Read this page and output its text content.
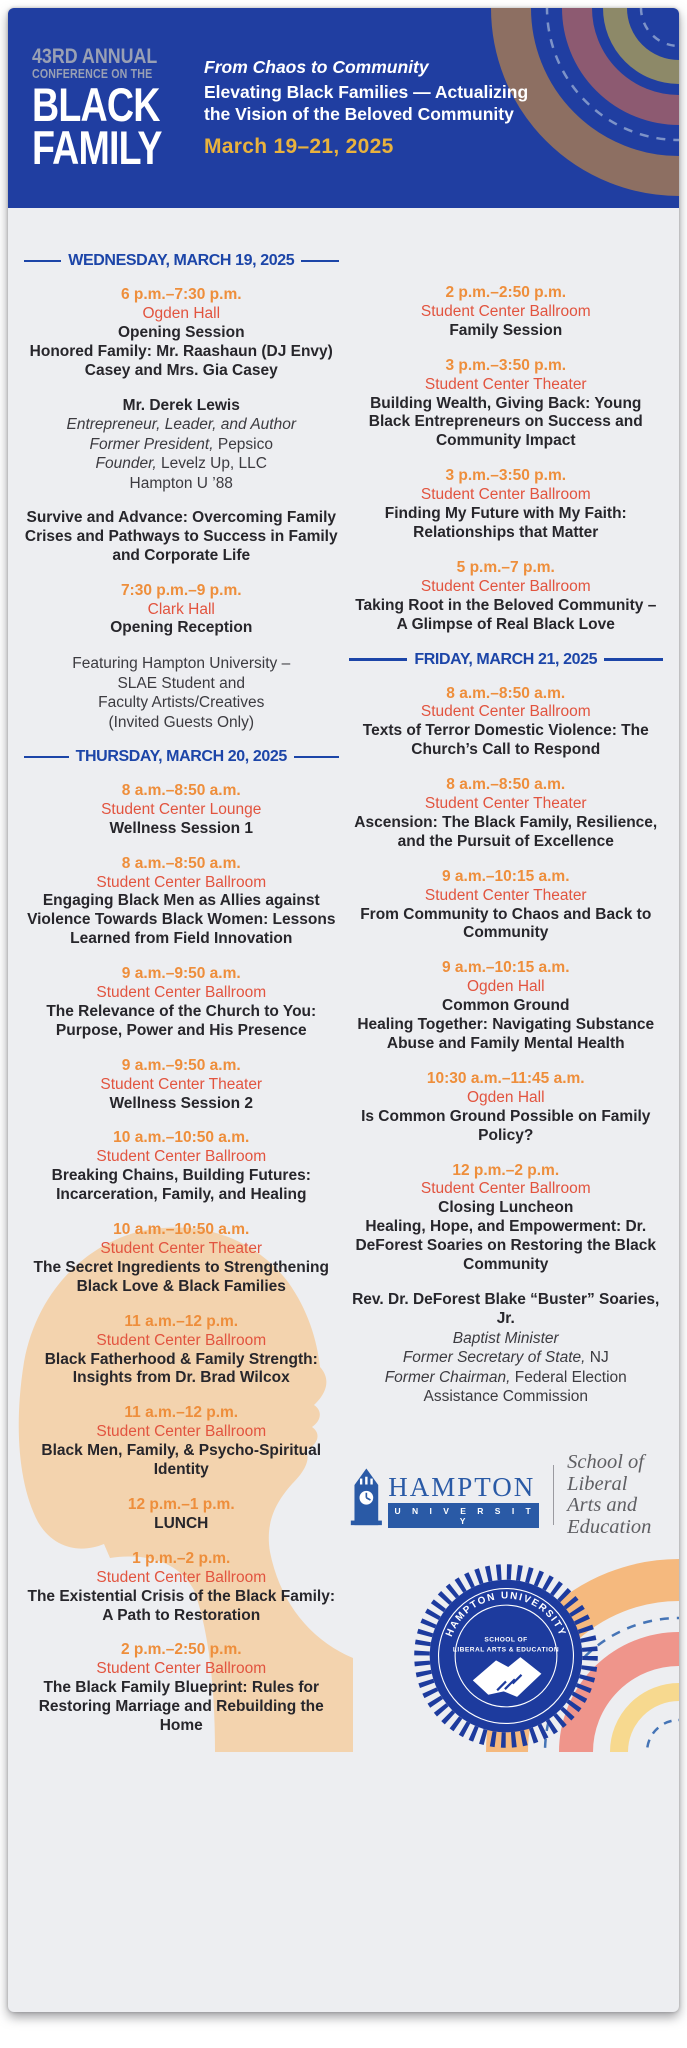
43RD ANNUAL
CONFERENCE ON THE
BLACK
FAMILY
From Chaos to Community
Elevating Black Families — Actualizing the Vision of the Beloved Community
March 19–21, 2025
WEDNESDAY, MARCH 19, 2025
6 p.m.–7:30 p.m.
Ogden Hall
Opening Session
Honored Family: Mr. Raashaun (DJ Envy) Casey and Mrs. Gia Casey
Mr. Derek Lewis
Entrepreneur, Leader, and Author
Former President, Pepsico
Founder, Levelz Up, LLC
Hampton U ’88
Survive and Advance: Overcoming Family Crises and Pathways to Success in Family and Corporate Life
7:30 p.m.–9 p.m.
Clark Hall
Opening Reception
Featuring Hampton University –
SLAE Student and
Faculty Artists/Creatives
(Invited Guests Only)
THURSDAY, MARCH 20, 2025
8 a.m.–8:50 a.m.
Student Center Lounge
Wellness Session 1
8 a.m.–8:50 a.m.
Student Center Ballroom
Engaging Black Men as Allies against Violence Towards Black Women: Lessons Learned from Field Innovation
9 a.m.–9:50 a.m.
Student Center Ballroom
The Relevance of the Church to You: Purpose, Power and His Presence
9 a.m.–9:50 a.m.
Student Center Theater
Wellness Session 2
10 a.m.–10:50 a.m.
Student Center Ballroom
Breaking Chains, Building Futures: Incarceration, Family, and Healing
10 a.m.–10:50 a.m.
Student Center Theater
The Secret Ingredients to Strengthening Black Love & Black Families
11 a.m.–12 p.m.
Student Center Ballroom
Black Fatherhood & Family Strength: Insights from Dr. Brad Wilcox
11 a.m.–12 p.m.
Student Center Ballroom
Black Men, Family, & Psycho-Spiritual Identity
12 p.m.–1 p.m.
LUNCH
1 p.m.–2 p.m.
Student Center Ballroom
The Existential Crisis of the Black Family: A Path to Restoration
2 p.m.–2:50 p.m.
Student Center Ballroom
The Black Family Blueprint: Rules for Restoring Marriage and Rebuilding the Home
2 p.m.–2:50 p.m.
Student Center Ballroom
Family Session
3 p.m.–3:50 p.m.
Student Center Theater
Building Wealth, Giving Back: Young Black Entrepreneurs on Success and Community Impact
3 p.m.–3:50 p.m.
Student Center Ballroom
Finding My Future with My Faith: Relationships that Matter
5 p.m.–7 p.m.
Student Center Ballroom
Taking Root in the Beloved Community – A Glimpse of Real Black Love
FRIDAY, MARCH 21, 2025
8 a.m.–8:50 a.m.
Student Center Ballroom
Texts of Terror Domestic Violence: The Church’s Call to Respond
8 a.m.–8:50 a.m.
Student Center Theater
Ascension: The Black Family, Resilience, and the Pursuit of Excellence
9 a.m.–10:15 a.m.
Student Center Theater
From Community to Chaos and Back to Community
9 a.m.–10:15 a.m.
Ogden Hall
Common Ground
Healing Together: Navigating Substance Abuse and Family Mental Health
10:30 a.m.–11:45 a.m.
Ogden Hall
Is Common Ground Possible on Family Policy?
12 p.m.–2 p.m.
Student Center Ballroom
Closing Luncheon
Healing, Hope, and Empowerment: Dr. DeForest Soaries on Restoring the Black Community
Rev. Dr. DeForest Blake “Buster” Soaries, Jr.
Baptist Minister
Former Secretary of State, NJ
Former Chairman, Federal Election Assistance Commission
HAMPTON
U N I V E R S I T Y
School of Liberal
Arts and Education
HAMPTON UNIVERSITY
SCHOOL OF
LIBERAL ARTS & EDUCATION
